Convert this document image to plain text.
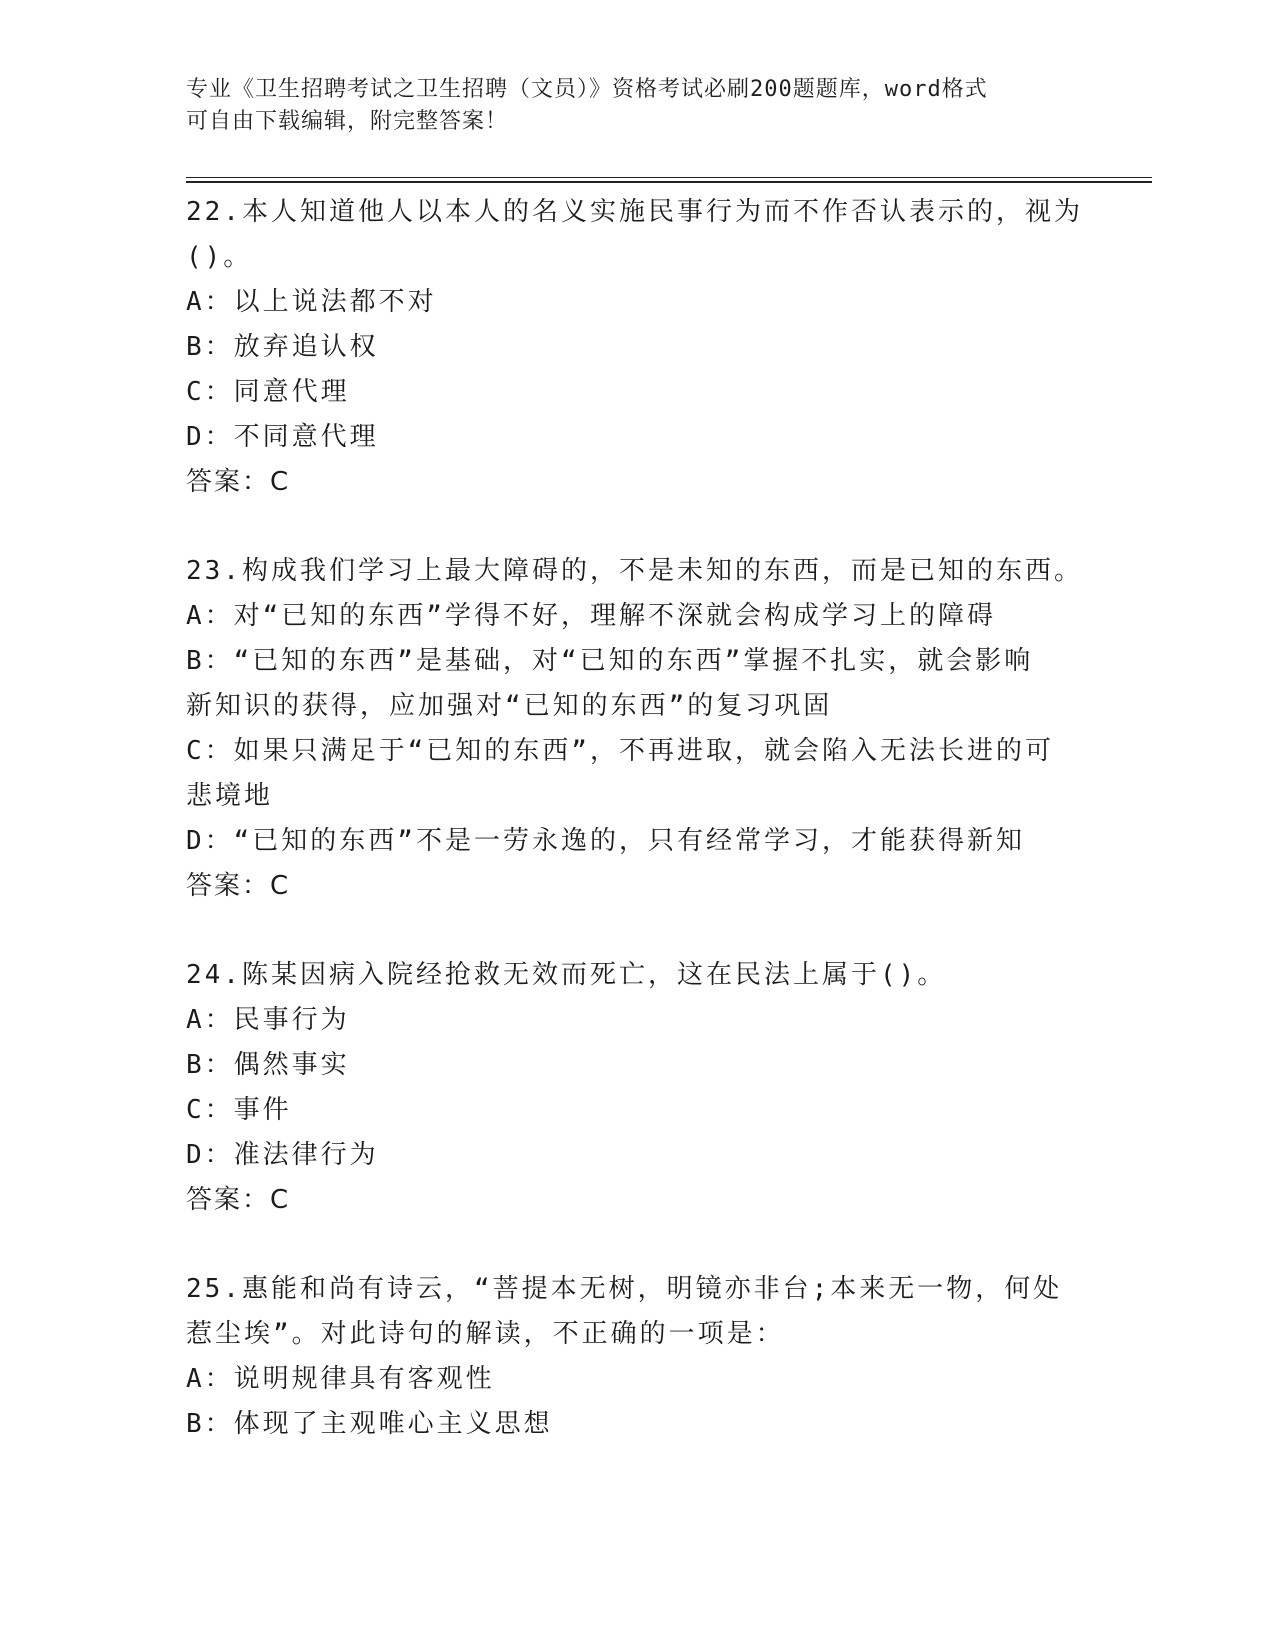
专业《卫生招聘考试之卫生招聘（文员）》资格考试必刷200题题库，word格式
可自由下载编辑，附完整答案！
22.本人知道他人以本人的名义实施民事行为而不作否认表示的，视为
()。
A：以上说法都不对
B：放弃追认权
C：同意代理
D：不同意代理
答案：C
23.构成我们学习上最大障碍的，不是未知的东西，而是已知的东西。
A：对“已知的东西”学得不好，理解不深就会构成学习上的障碍
B：“已知的东西”是基础，对“已知的东西”掌握不扎实，就会影响
新知识的获得，应加强对“已知的东西”的复习巩固
C：如果只满足于“已知的东西”，不再进取，就会陷入无法长进的可
悲境地
D：“已知的东西”不是一劳永逸的，只有经常学习，才能获得新知
答案：C
24.陈某因病入院经抢救无效而死亡，这在民法上属于()。
A：民事行为
B：偶然事实
C：事件
D：准法律行为
答案：C
25.惠能和尚有诗云，“菩提本无树，明镜亦非台;本来无一物，何处
惹尘埃”。对此诗句的解读，不正确的一项是：
A：说明规律具有客观性
B：体现了主观唯心主义思想
